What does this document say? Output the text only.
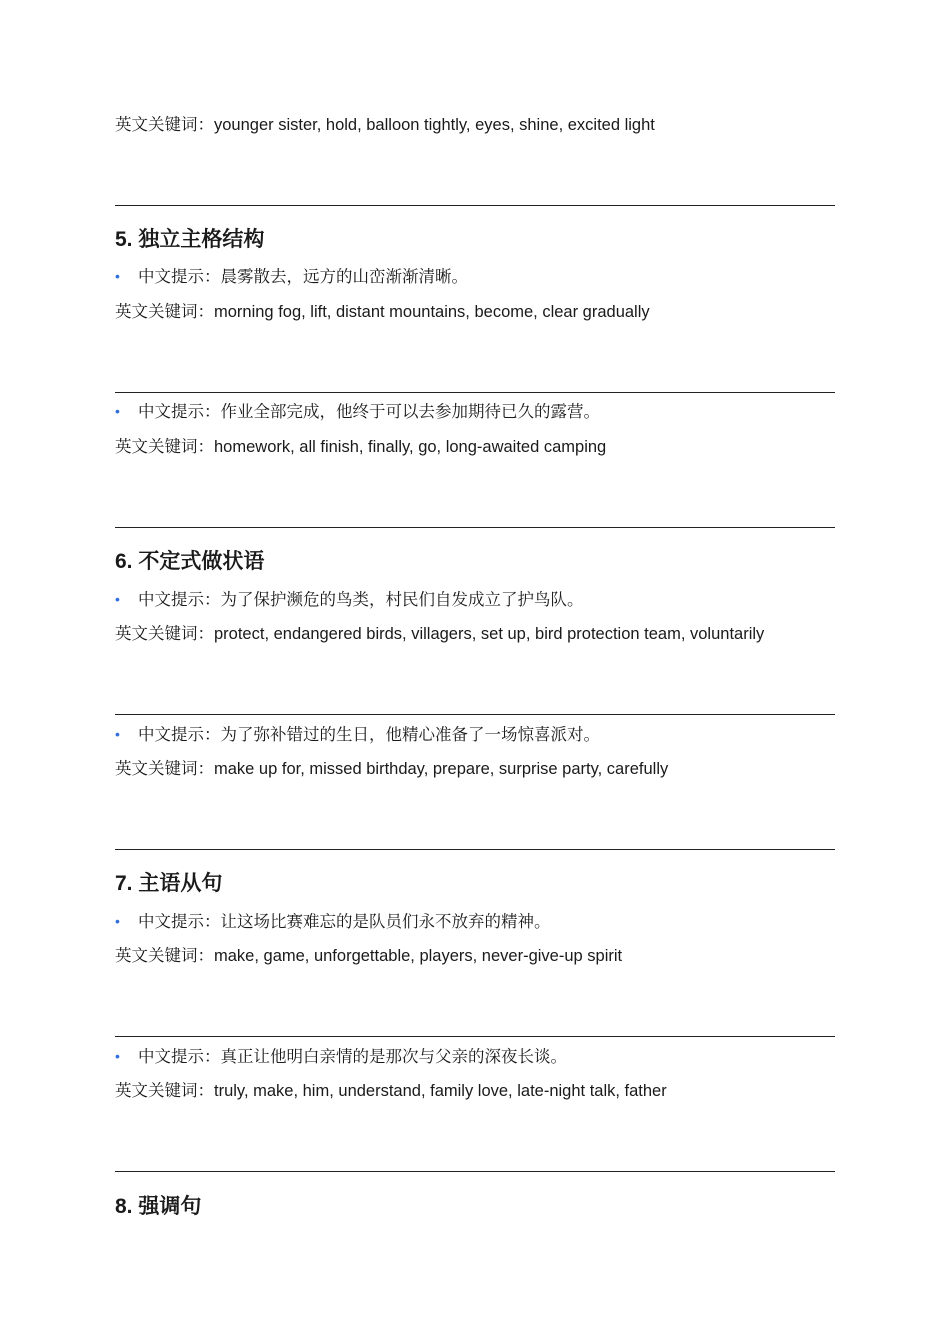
英文关键词：younger sister, hold, balloon tightly, eyes, shine, excited light
5. 独立主格结构
• 中文提示：晨雾散去，远方的山峦渐渐清晰。
英文关键词：morning fog, lift, distant mountains, become, clear gradually
• 中文提示：作业全部完成，他终于可以去参加期待已久的露营。
英文关键词：homework, all finish, finally, go, long-awaited camping
6. 不定式做状语
• 中文提示：为了保护濒危的鸟类，村民们自发成立了护鸟队。
英文关键词：protect, endangered birds, villagers, set up, bird protection team, voluntarily
• 中文提示：为了弥补错过的生日，他精心准备了一场惊喜派对。
英文关键词：make up for, missed birthday, prepare, surprise party, carefully
7. 主语从句
• 中文提示：让这场比赛难忘的是队员们永不放弃的精神。
英文关键词：make, game, unforgettable, players, never-give-up spirit
• 中文提示：真正让他明白亲情的是那次与父亲的深夜长谈。
英文关键词：truly, make, him, understand, family love, late-night talk, father
8. 强调句
